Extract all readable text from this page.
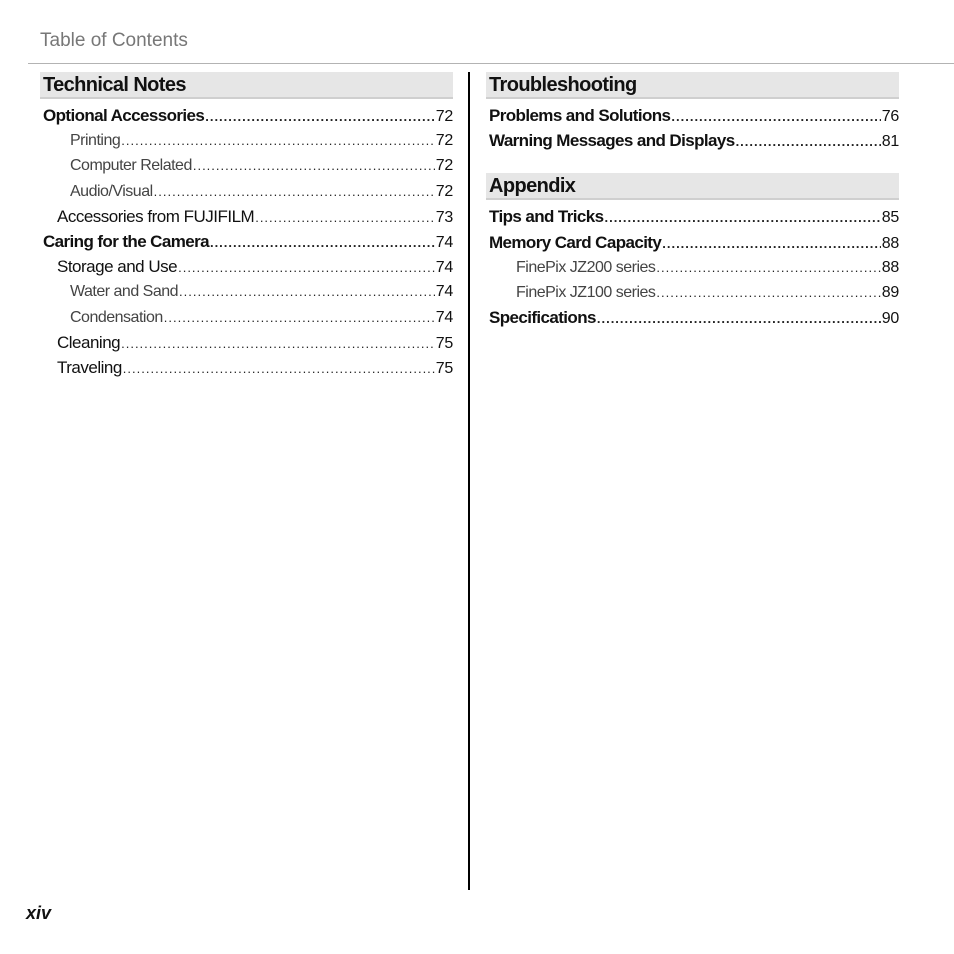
Table of Contents
Technical Notes
Optional Accessories .....	72
Printing .....	72
Computer Related .....	72
Audio/Visual .....	72
Accessories from FUJIFILM .....	73
Caring for the Camera .....	74
Storage and Use .....	74
Water and Sand .....	74
Condensation .....	74
Cleaning .....	75
Traveling .....	75
Troubleshooting
Problems and Solutions .....	76
Warning Messages and Displays .....	81
Appendix
Tips and Tricks .....	85
Memory Card Capacity .....	88
FinePix JZ200 series .....	88
FinePix JZ100 series .....	89
Specifications .....	90
xiv
